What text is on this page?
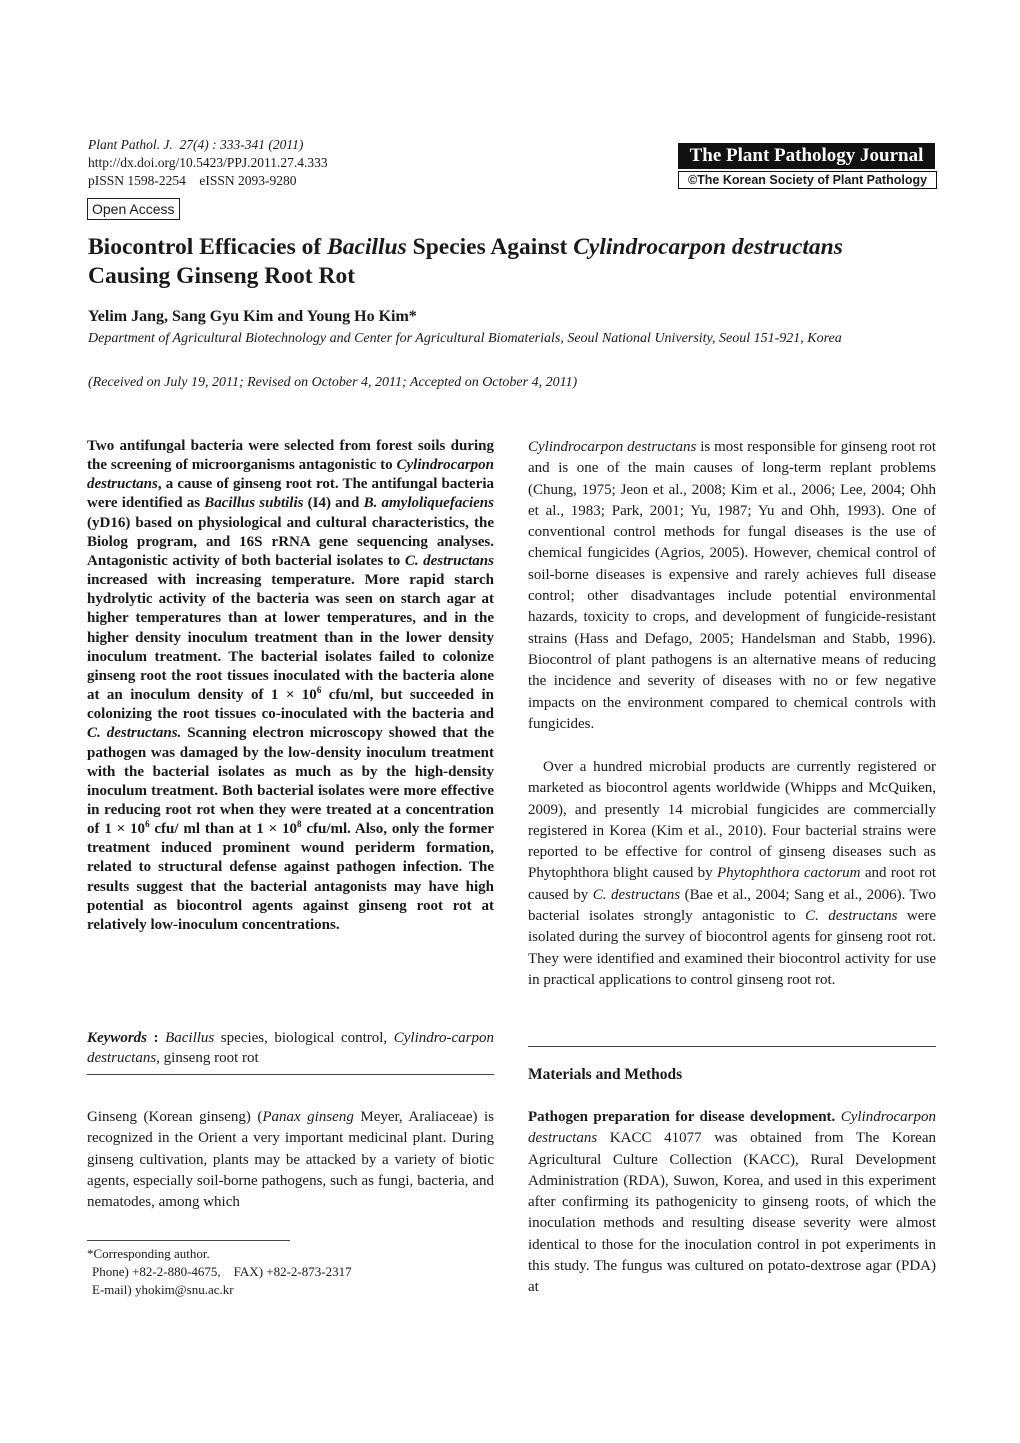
Plant Pathol. J. 27(4) : 333-341 (2011)
http://dx.doi.org/10.5423/PPJ.2011.27.4.333
pISSN 1598-2254    eISSN 2093-9280
The Plant Pathology Journal
©The Korean Society of Plant Pathology
Open Access
Biocontrol Efficacies of Bacillus Species Against Cylindrocarpon destructans
Causing Ginseng Root Rot
Yelim Jang, Sang Gyu Kim and Young Ho Kim*
Department of Agricultural Biotechnology and Center for Agricultural Biomaterials, Seoul National University, Seoul 151-921, Korea
(Received on July 19, 2011; Revised on October 4, 2011; Accepted on October 4, 2011)

Two antifungal bacteria were selected from forest soils during the screening of microorganisms antagonistic to Cylindrocarpon destructans, a cause of ginseng root rot. The antifungal bacteria were identified as Bacillus subtilis (I4) and B. amyloliquefaciens (yD16) based on physiological and cultural characteristics, the Biolog program, and 16S rRNA gene sequencing analyses. Antagonistic activity of both bacterial isolates to C. destructans increased with increasing temperature. More rapid starch hydrolytic activity of the bacteria was seen on starch agar at higher temperatures than at lower temperatures, and in the higher density inoculum treatment than in the lower density inoculum treatment. The bacterial isolates failed to colonize ginseng root the root tissues inoculated with the bacteria alone at an inoculum density of $1 \times 10^6$ cfu/ml, but succeeded in colonizing the root tissues co-inoculated with the bacteria and C. destructans. Scanning electron microscopy showed that the pathogen was damaged by the low-density inoculum treatment with the bacterial isolates as much as by the high-density inoculum treatment. Both bacterial isolates were more effective in reducing root rot when they were treated at a concentration of $1 \times 10^6$ cfu/ ml than at $1 \times 10^8$ cfu/ml. Also, only the former treatment induced prominent wound periderm formation, related to structural defense against pathogen infection. The results suggest that the bacterial antagonists may have high potential as biocontrol agents against ginseng root rot at relatively low-inoculum concentrations.

Keywords : Bacillus species, biological control, Cylindro-carpon destructans, ginseng root rot

Ginseng (Korean ginseng) (Panax ginseng Meyer, Araliaceae) is recognized in the Orient a very important medicinal plant. During ginseng cultivation, plants may be attacked by a variety of biotic agents, especially soil-borne pathogens, such as fungi, bacteria, and nematodes, among which

*Corresponding author.
Phone) +82-2-880-4675,    FAX) +82-2-873-2317
E-mail) yhokim@snu.ac.kr

Cylindrocarpon destructans is most responsible for ginseng root rot and is one of the main causes of long-term replant problems (Chung, 1975; Jeon et al., 2008; Kim et al., 2006; Lee, 2004; Ohh et al., 1983; Park, 2001; Yu, 1987; Yu and Ohh, 1993). One of conventional control methods for fungal diseases is the use of chemical fungicides (Agrios, 2005). However, chemical control of soil-borne diseases is expensive and rarely achieves full disease control; other disadvantages include potential environmental hazards, toxicity to crops, and development of fungicide-resistant strains (Hass and Defago, 2005; Handelsman and Stabb, 1996). Biocontrol of plant pathogens is an alternative means of reducing the incidence and severity of diseases with no or few negative impacts on the environment compared to chemical controls with fungicides.

Over a hundred microbial products are currently registered or marketed as biocontrol agents worldwide (Whipps and McQuiken, 2009), and presently 14 microbial fungicides are commercially registered in Korea (Kim et al., 2010). Four bacterial strains were reported to be effective for control of ginseng diseases such as Phytophthora blight caused by Phytophthora cactorum and root rot caused by C. destructans (Bae et al., 2004; Sang et al., 2006). Two bacterial isolates strongly antagonistic to C. destructans were isolated during the survey of biocontrol agents for ginseng root rot. They were identified and examined their biocontrol activity for use in practical applications to control ginseng root rot.

Materials and Methods

Pathogen preparation for disease development. Cylindrocarpon destructans KACC 41077 was obtained from The Korean Agricultural Culture Collection (KACC), Rural Development Administration (RDA), Suwon, Korea, and used in this experiment after confirming its pathogenicity to ginseng roots, of which the inoculation methods and resulting disease severity were almost identical to those for the inoculation control in pot experiments in this study. The fungus was cultured on potato-dextrose agar (PDA) at
